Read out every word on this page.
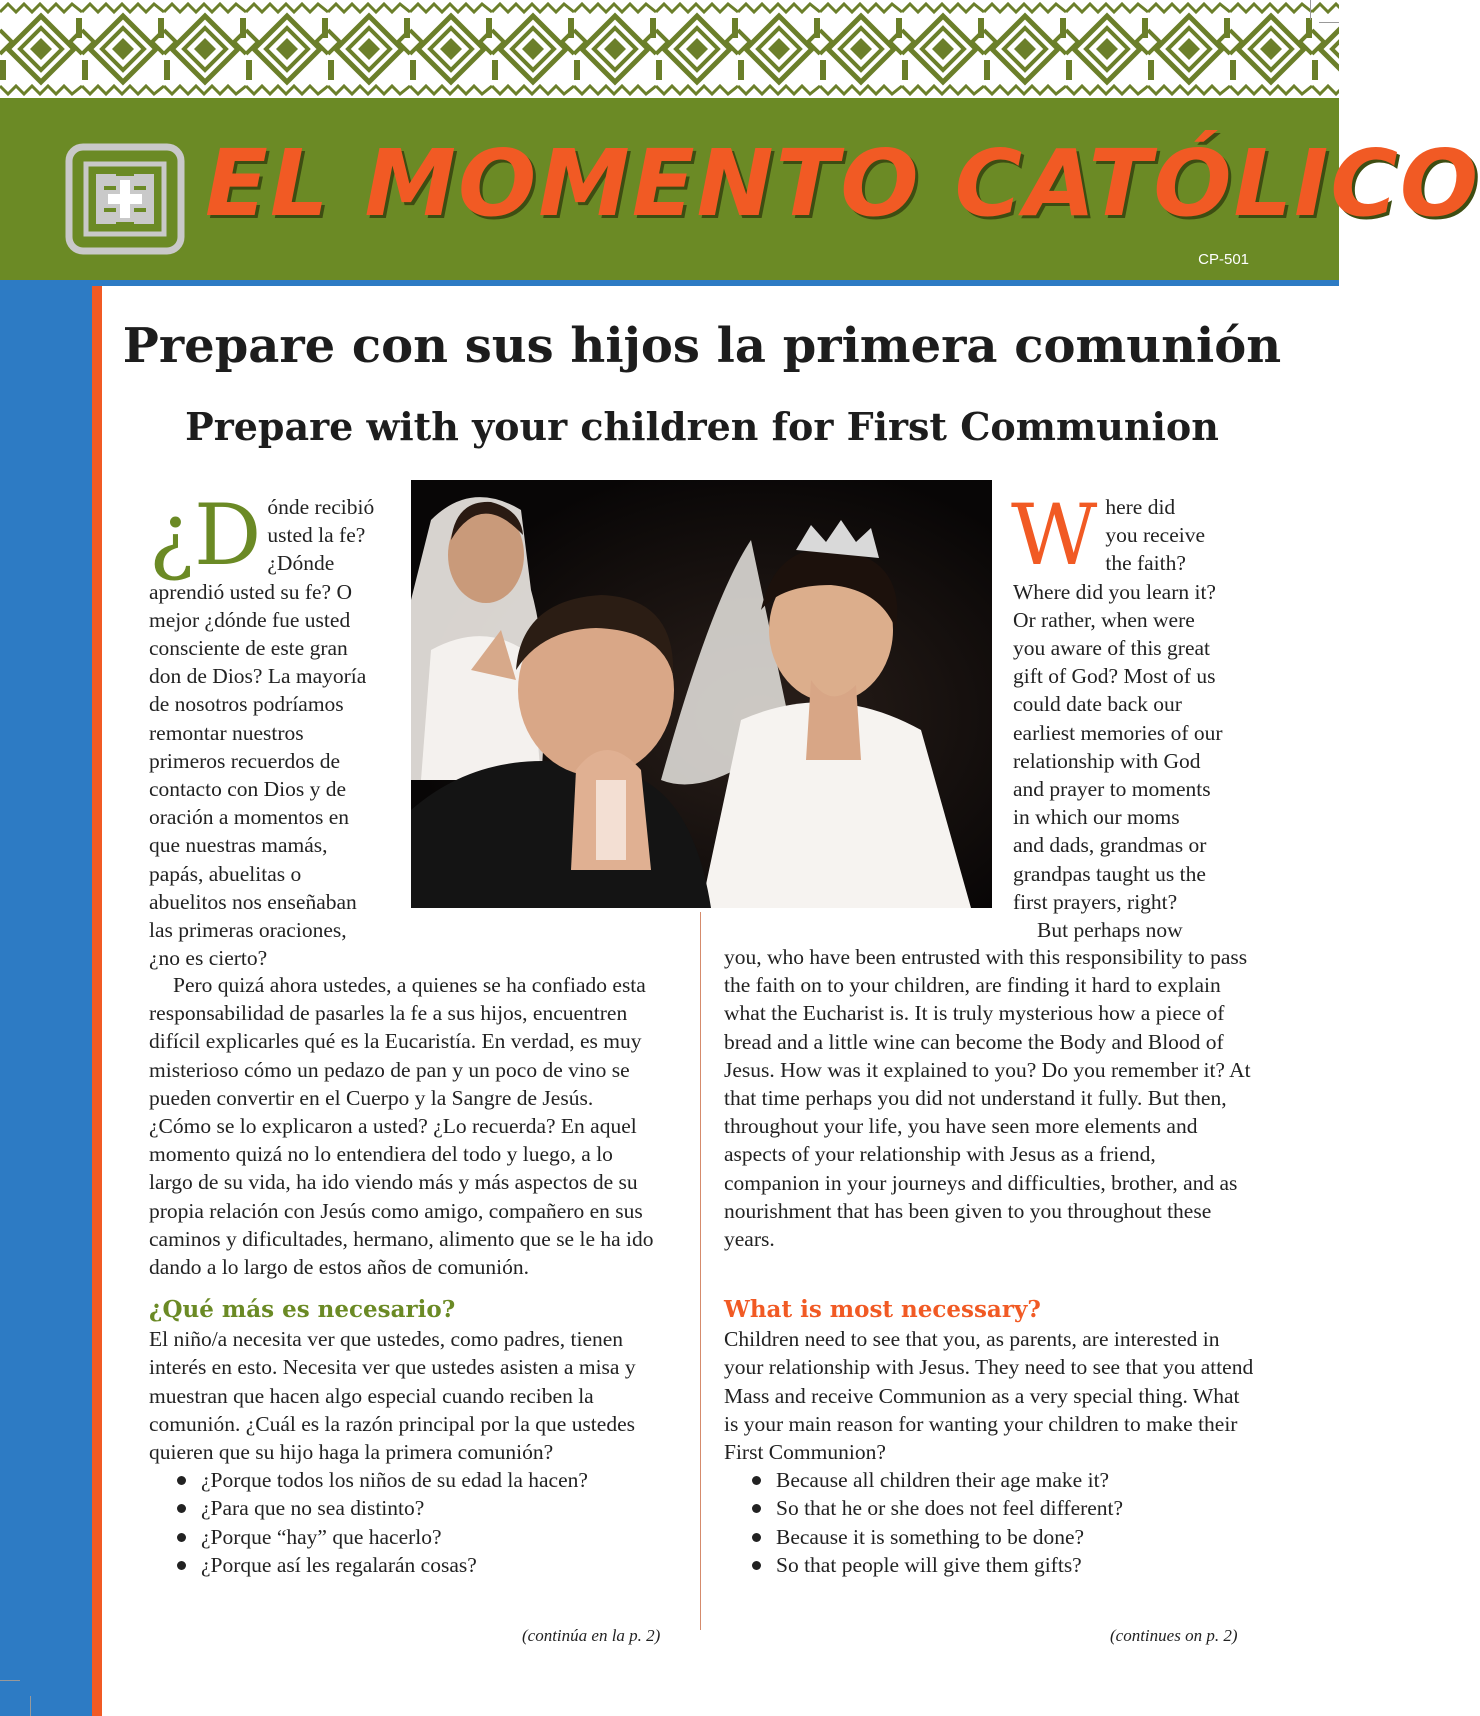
EL MOMENTO CATÓLICO
CP-501
Prepare con sus hijos la primera comunión
Prepare with your children for First Communion
¿D ónde recibió
usted la fe?
¿Dónde
aprendió usted su fe? O
mejor ¿dónde fue usted
consciente de este gran
don de Dios? La mayoría
de nosotros podríamos
remontar nuestros
primeros recuerdos de
contacto con Dios y de
oración a momentos en
que nuestras mamás,
papás, abuelitas o
abuelitos nos enseñaban
las primeras oraciones,
¿no es cierto?

Pero quizá ahora ustedes, a quienes se ha confiado esta responsabilidad de pasarles la fe a sus hijos, encuentren difícil explicarles qué es la Eucaristía. En verdad, es muy misterioso cómo un pedazo de pan y un poco de vino se pueden convertir en el Cuerpo y la Sangre de Jesús. ¿Cómo se lo explicaron a usted? ¿Lo recuerda? En aquel momento quizá no lo entendiera del todo y luego, a lo largo de su vida, ha ido viendo más y más aspectos de su propia relación con Jesús como amigo, compañero en sus caminos y dificultades, hermano, alimento que se le ha ido dando a lo largo de estos años de comunión.

¿Qué más es necesario?

El niño/a necesita ver que ustedes, como padres, tienen interés en esto. Necesita ver que ustedes asisten a misa y muestran que hacen algo especial cuando reciben la comunión. ¿Cuál es la razón principal por la que ustedes quieren que su hijo haga la primera comunión?

¿Porque todos los niños de su edad la hacen?
¿Para que no sea distinto?
¿Porque “hay” que hacerlo?
¿Porque así les regalarán cosas?
(continúa en la p. 2)
W here did
you receive
the faith?
Where did you learn it?
Or rather, when were
you aware of this great
gift of God? Most of us
could date back our
earliest memories of our
relationship with God
and prayer to moments
in which our moms
and dads, grandmas or
grandpas taught us the
first prayers, right?
But perhaps now

you, who have been entrusted with this responsibility to pass the faith on to your children, are finding it hard to explain what the Eucharist is. It is truly mysterious how a piece of bread and a little wine can become the Body and Blood of Jesus. How was it explained to you? Do you remember it? At that time perhaps you did not understand it fully. But then, throughout your life, you have seen more elements and aspects of your relationship with Jesus as a friend, companion in your journeys and difficulties, brother, and as nourishment that has been given to you throughout these years.

What is most necessary?

Children need to see that you, as parents, are interested in your relationship with Jesus. They need to see that you attend Mass and receive Communion as a very special thing. What is your main reason for wanting your children to make their First Communion?

Because all children their age make it?
So that he or she does not feel different?
Because it is something to be done?
So that people will give them gifts?
(continues on p. 2)
